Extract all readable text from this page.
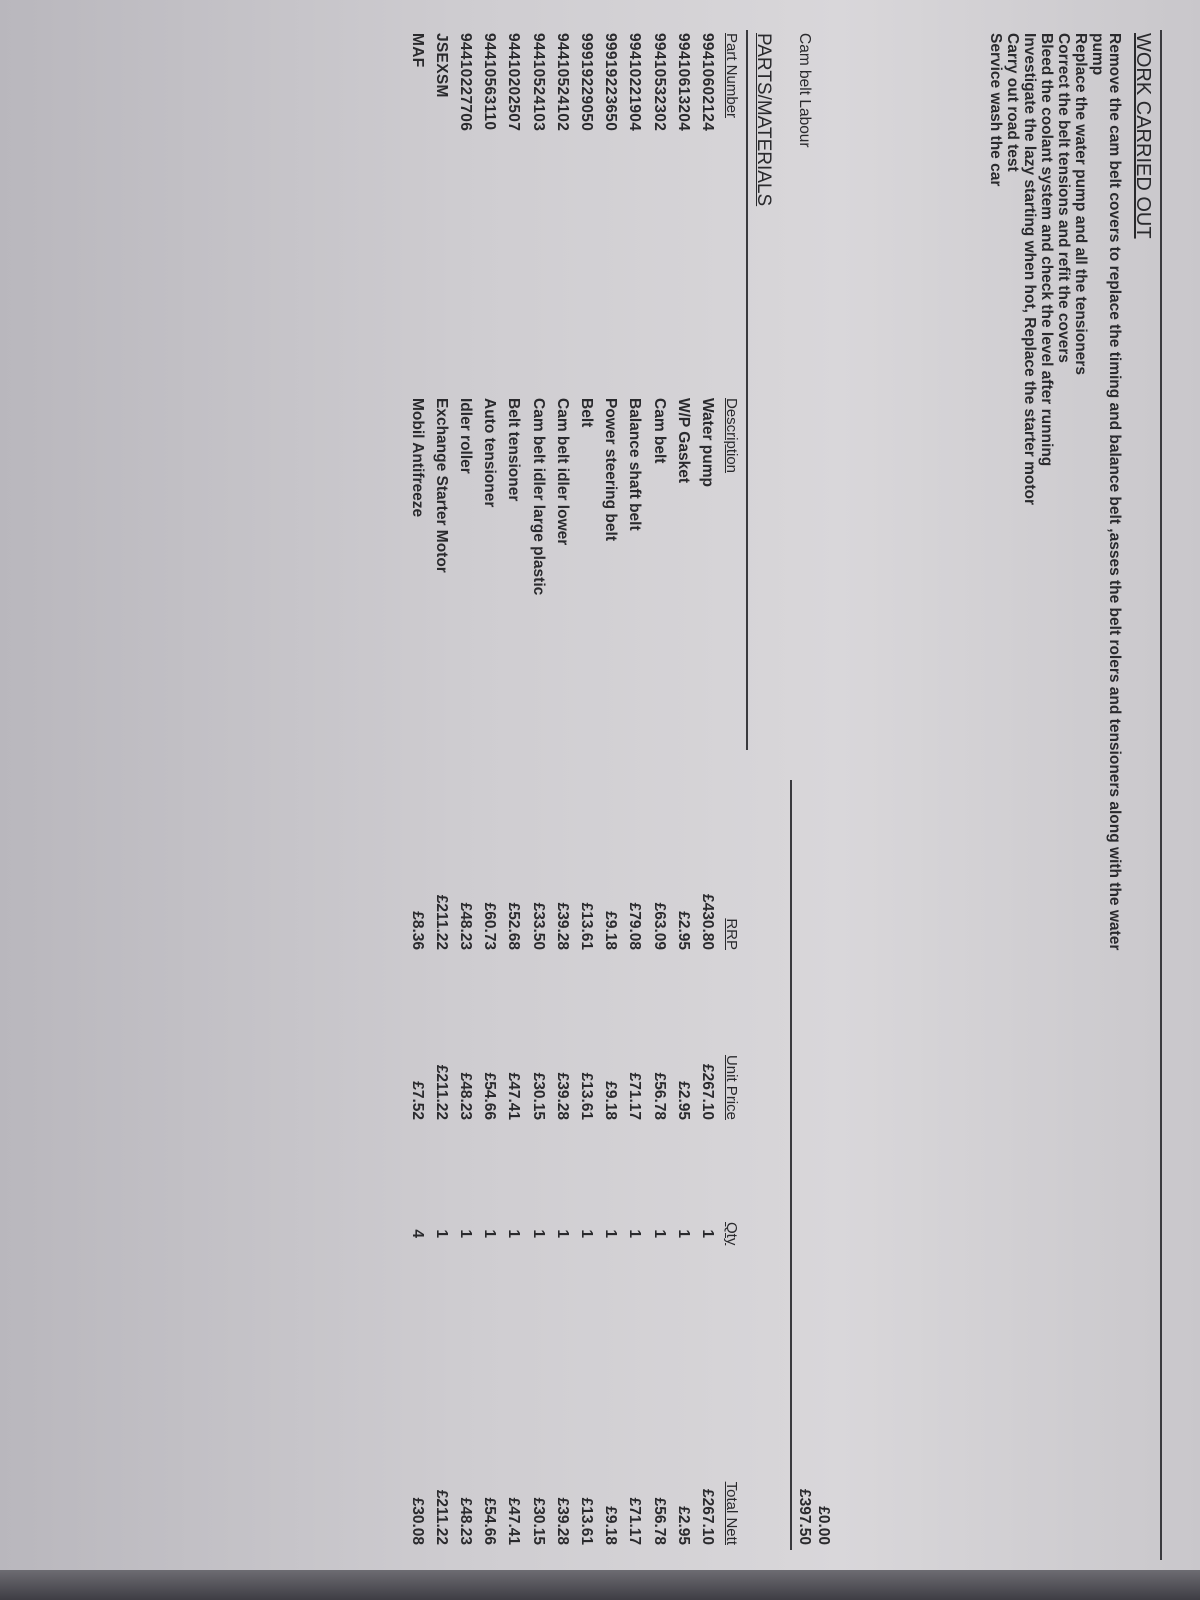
WORK CARRIED OUT
Remove the cam belt covers to replace the timing and balance belt ,asses the belt rolers and tensioners along with the water
pump
Replace the water pump and all the tensioners
Correct the belt tensions and refit the covers
Bleed the coolant system and check the level after running
Investigate the lazy starting when hot, Replace the starter motor
Carry out road test
Service wash the car
£0.00
Cam belt Labour
£397.50
PARTS/MATERIALS
Part Number
Description
RRP
Unit Price
Qty
Total Nett
99410602124
Water pump
£430.80
£267.10
1
£267.10
99410613204
W/P Gasket
£2.95
£2.95
1
£2.95
99410532302
Cam belt
£63.09
£56.78
1
£56.78
99410221904
Balance shaft belt
£79.08
£71.17
1
£71.17
99919223650
Power steering belt
£9.18
£9.18
1
£9.18
99919229050
Belt
£13.61
£13.61
1
£13.61
94410524102
Cam belt idler lower
£39.28
£39.28
1
£39.28
94410524103
Cam belt idler large plastic
£33.50
£30.15
1
£30.15
94410202507
Belt tensioner
£52.68
£47.41
1
£47.41
94410563110
Auto tensioner
£60.73
£54.66
1
£54.66
94410227706
Idler roller
£48.23
£48.23
1
£48.23
JSEXSM
Exchange Starter Motor
£211.22
£211.22
1
£211.22
MAF
Mobil Antifreeze
£8.36
£7.52
4
£30.08
